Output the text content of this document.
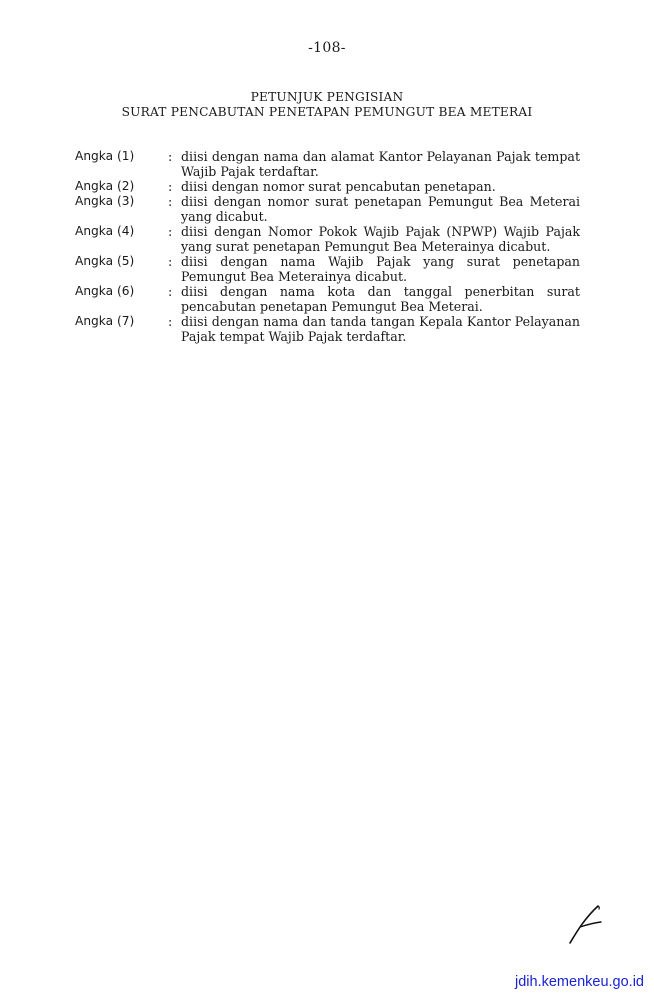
-108-
PETUNJUK PENGISIAN
SURAT PENCABUTAN PENETAPAN PEMUNGUT BEA METERAI
Angka (1)	: diisi dengan nama dan alamat Kantor Pelayanan Pajak tempat Wajib Pajak terdaftar.
Angka (2)	: diisi dengan nomor surat pencabutan penetapan.
Angka (3)	: diisi dengan nomor surat penetapan Pemungut Bea Meterai yang dicabut.
Angka (4)	: diisi dengan Nomor Pokok Wajib Pajak (NPWP) Wajib Pajak yang surat penetapan Pemungut Bea Meterainya dicabut.
Angka (5)	: diisi dengan nama Wajib Pajak yang surat penetapan Pemungut Bea Meterainya dicabut.
Angka (6)	: diisi dengan nama kota dan tanggal penerbitan surat pencabutan penetapan Pemungut Bea Meterai.
Angka (7)	: diisi dengan nama dan tanda tangan Kepala Kantor Pelayanan Pajak tempat Wajib Pajak terdaftar.
jdih.kemenkeu.go.id
